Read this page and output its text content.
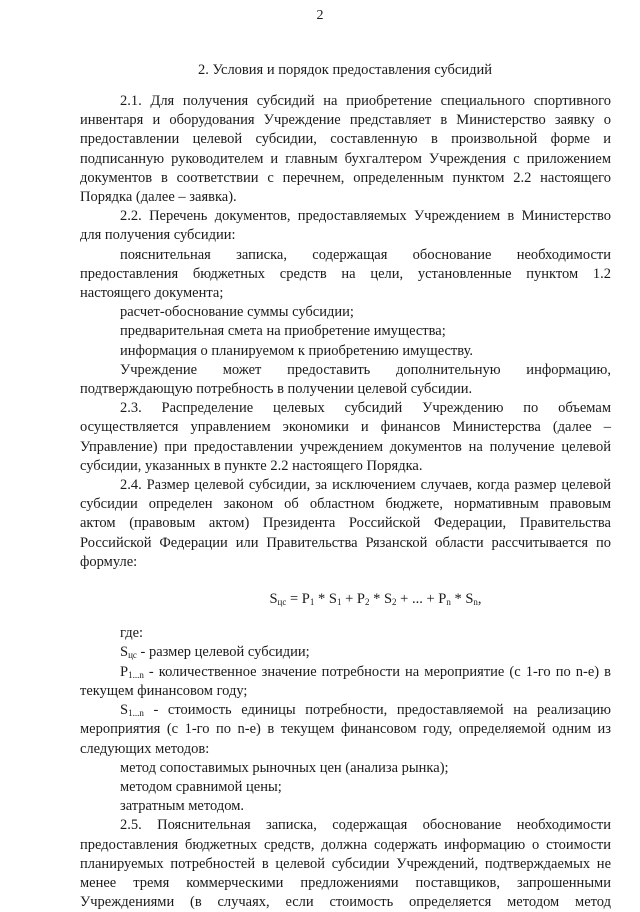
2
2. Условия и порядок предоставления субсидий

2.1. Для получения субсидий на приобретение специального спортивного

инвентаря и оборудования Учреждение представляет в Министерство заявку о

предоставлении целевой субсидии, составленную в произвольной форме и

подписанную руководителем и главным бухгалтером Учреждения с приложением

документов в соответствии с перечнем, определенным пунктом 2.2 настоящего

Порядка (далее – заявка).

2.2. Перечень документов, предоставляемых Учреждением в Министерство

для получения субсидии:

пояснительная записка, содержащая обоснование необходимости

предоставления бюджетных средств на цели, установленные пунктом 1.2

настоящего документа;

расчет-обоснование суммы субсидии;

предварительная смета на приобретение имущества;

информация о планируемом к приобретению имуществу.

Учреждение может предоставить дополнительную информацию,

подтверждающую потребность в получении целевой субсидии.

2.3. Распределение целевых субсидий Учреждению по объемам

осуществляется управлением экономики и финансов Министерства (далее –

Управление) при предоставлении учреждением документов на получение целевой

субсидии, указанных в пункте 2.2 настоящего Порядка.

2.4. Размер целевой субсидии, за исключением случаев, когда размер целевой

субсидии определен законом об областном бюджете, нормативным правовым

актом (правовым актом) Президента Российской Федерации, Правительства

Российской Федерации или Правительства Рязанской области рассчитывается по

формуле:

$S_{цс} = P_1 * S_1 + P_2 * S_2$ + ... + $P_n * S_n$,

где:

$S_{цс}$ - размер целевой субсидии;

$P_{1...n}$ - количественное значение потребности на мероприятие (с 1-го по n-е) в

текущем финансовом году;

$S_{1...n}$ - стоимость единицы потребности, предоставляемой на реализацию

мероприятия (с 1-го по n-е) в текущем финансовом году, определяемой одним из

следующих методов:

метод сопоставимых рыночных цен (анализа рынка);

методом сравнимой цены;

затратным методом.

2.5. Пояснительная записка, содержащая обоснование необходимости

предоставления бюджетных средств, должна содержать информацию о стоимости

планируемых потребностей в целевой субсидии Учреждений, подтверждаемых не

менее тремя коммерческими предложениями поставщиков, запрошенными

Учреждениями (в случаях, если стоимость определяется методом метод
